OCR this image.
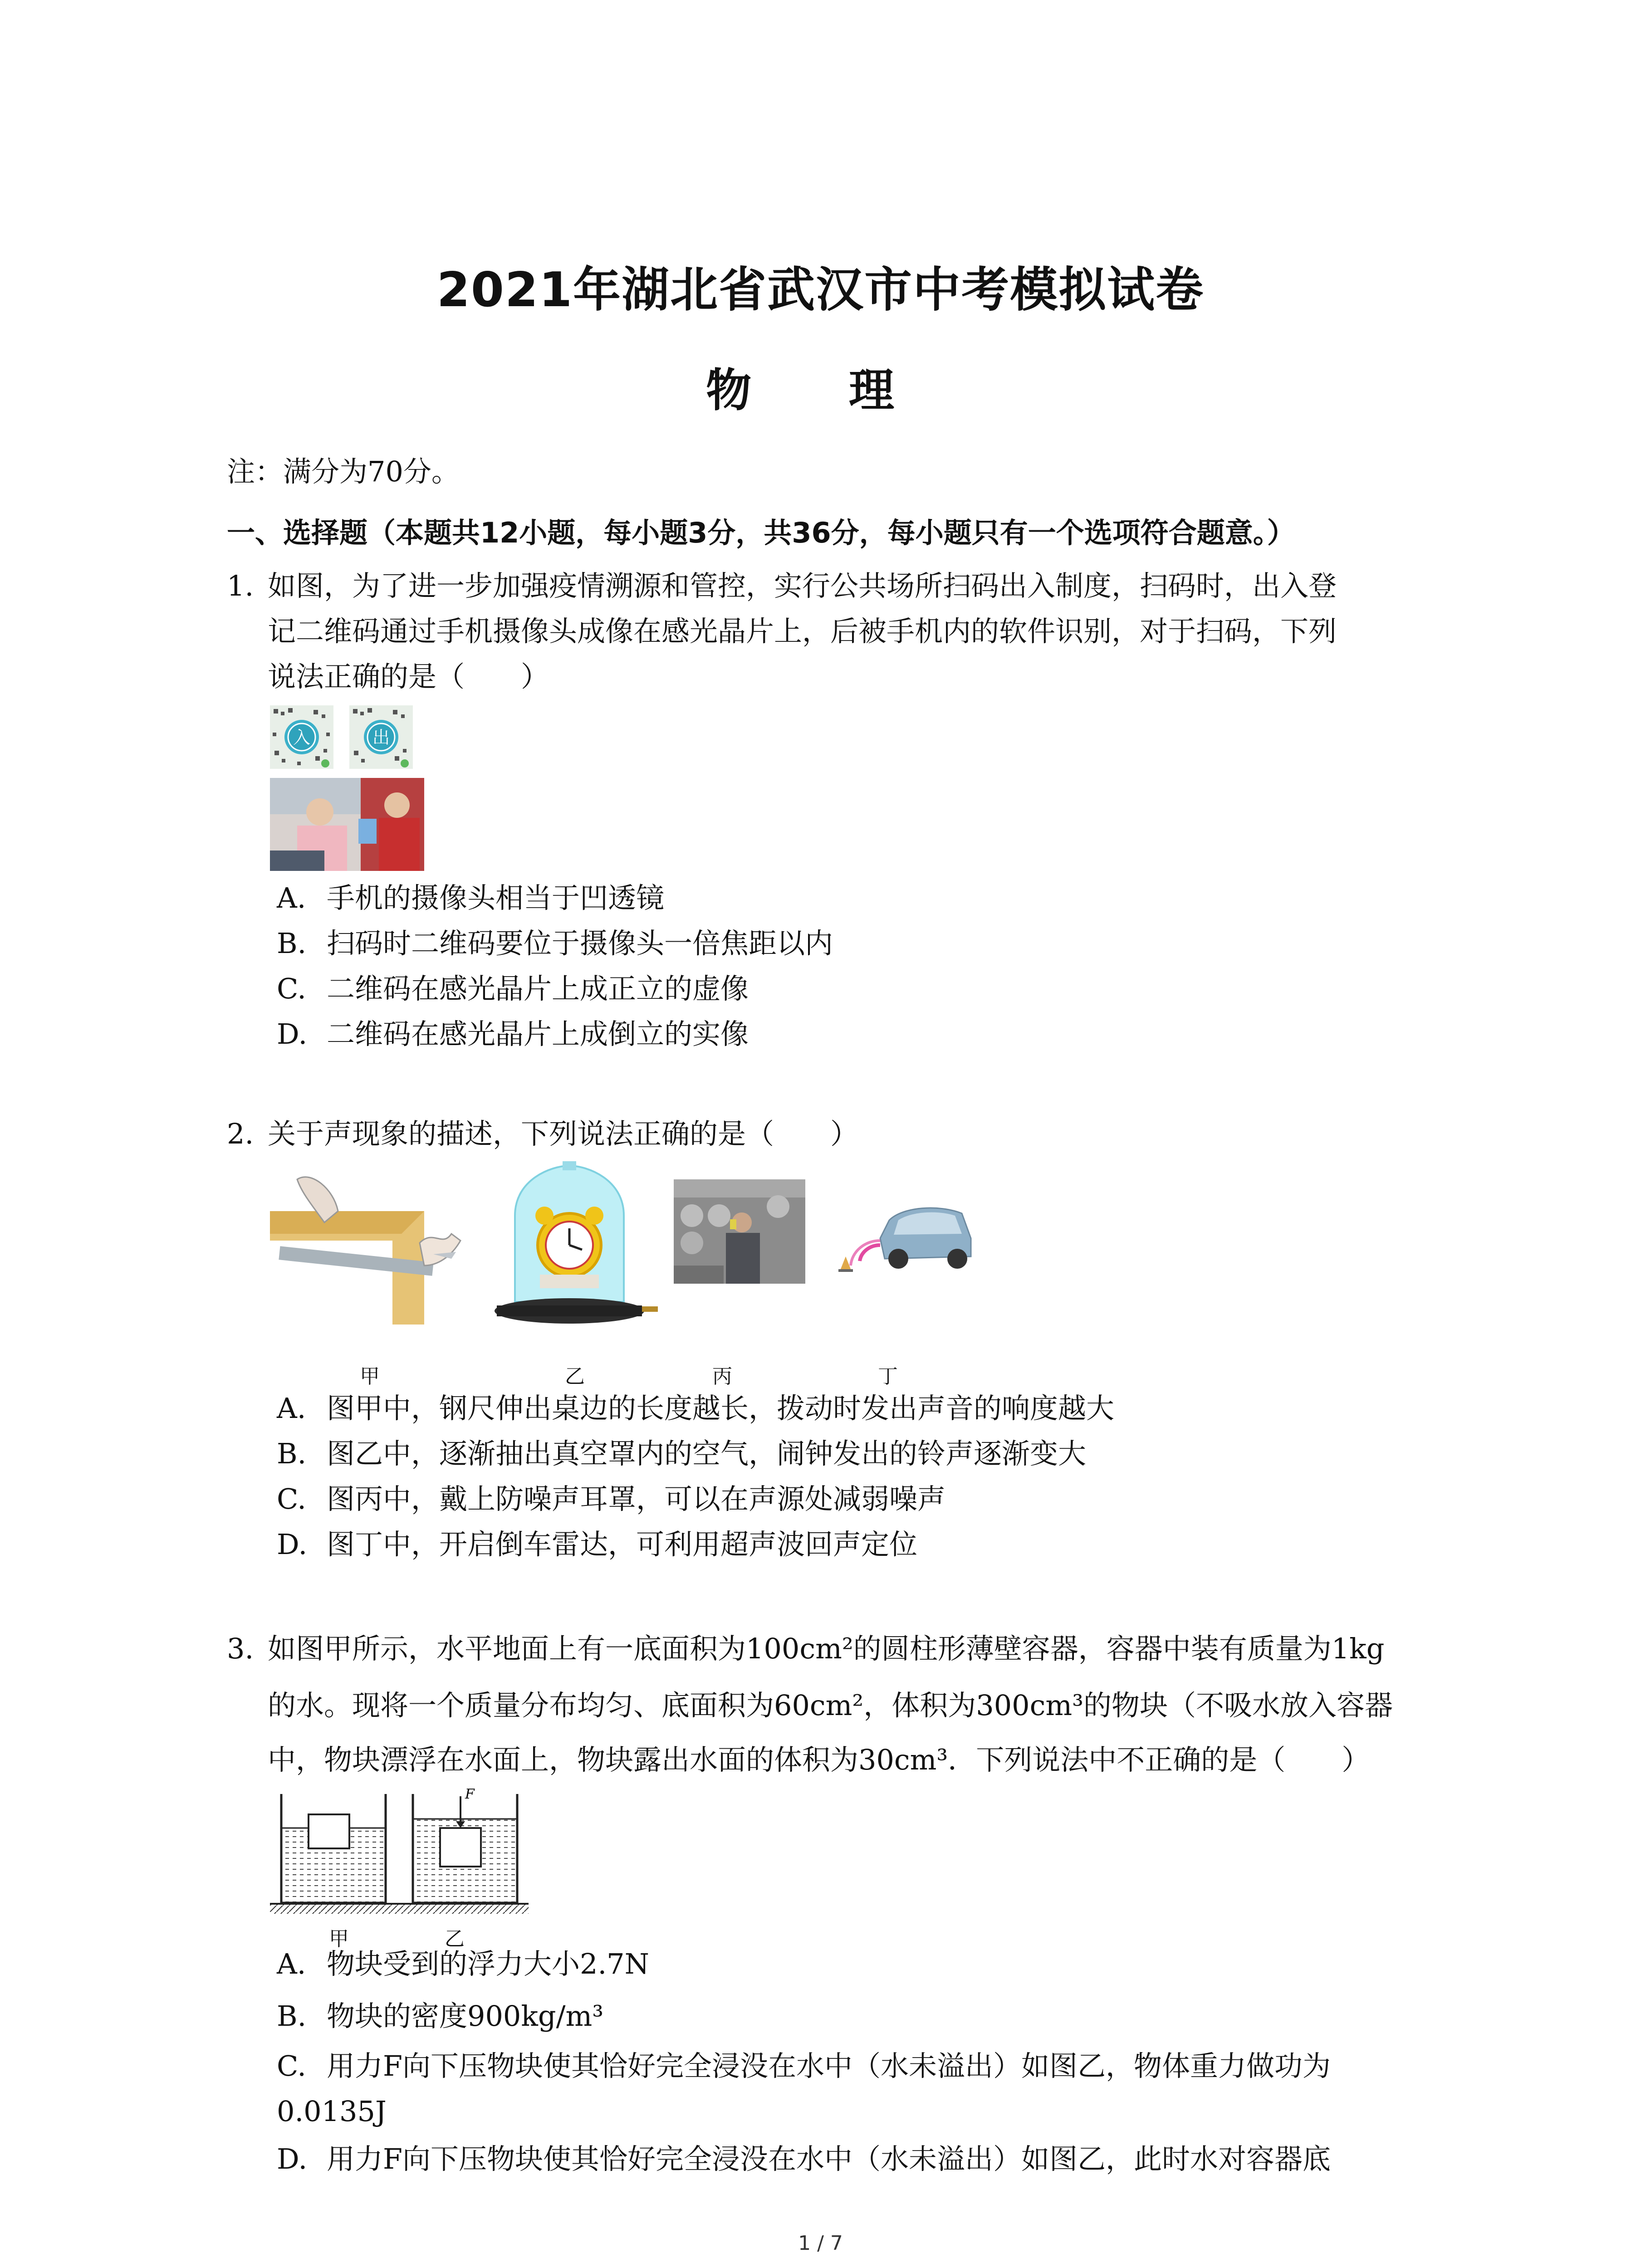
2021年湖北省武汉市中考模拟试卷
物 理
注：满分为70分。
一、选择题（本题共12小题，每小题3分，共36分，每小题只有一个选项符合题意。）
1. 如图，为了进一步加强疫情溯源和管控，实行公共场所扫码出入制度，扫码时，出入登
记二维码通过手机摄像头成像在感光晶片上，后被手机内的软件识别，对于扫码，下列
说法正确的是（　　）
入	出
A. 手机的摄像头相当于凹透镜
B. 扫码时二维码要位于摄像头一倍焦距以内
C. 二维码在感光晶片上成正立的虚像
D. 二维码在感光晶片上成倒立的实像
2. 关于声现象的描述，下列说法正确的是（　　）
甲	乙	丙	丁
A. 图甲中，钢尺伸出桌边的长度越长，拨动时发出声音的响度越大
B. 图乙中，逐渐抽出真空罩内的空气，闹钟发出的铃声逐渐变大
C. 图丙中，戴上防噪声耳罩，可以在声源处减弱噪声
D. 图丁中，开启倒车雷达，可利用超声波回声定位
3. 如图甲所示，水平地面上有一底面积为100cm²的圆柱形薄壁容器，容器中装有质量为1kg
的水。现将一个质量分布均匀、底面积为60cm²，体积为300cm³的物块（不吸水放入容器
中，物块漂浮在水面上，物块露出水面的体积为30cm³．下列说法中不正确的是（　　）
F
甲	乙
A. 物块受到的浮力大小2.7N
B. 物块的密度900kg/m³
C. 用力F向下压物块使其恰好完全浸没在水中（水未溢出）如图乙，物体重力做功为
0.0135J
D. 用力F向下压物块使其恰好完全浸没在水中（水未溢出）如图乙，此时水对容器底
1 / 7
